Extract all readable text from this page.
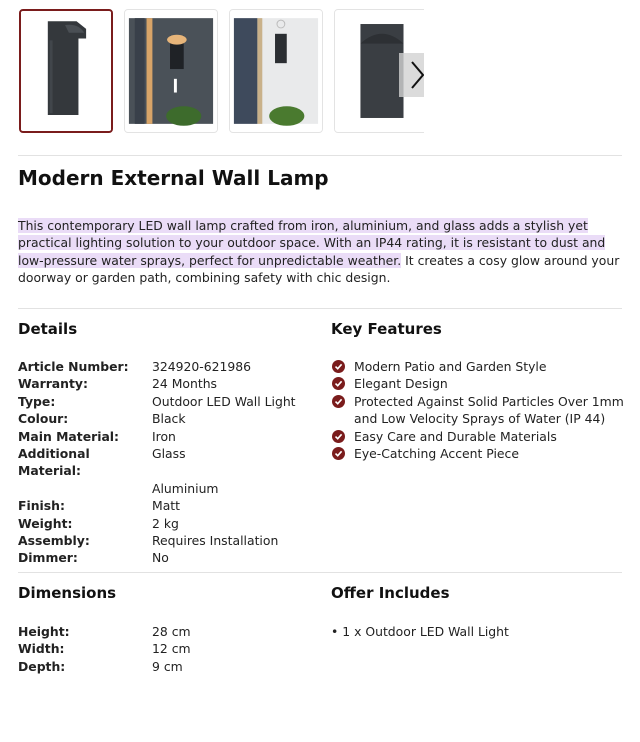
Modern External Wall Lamp

This contemporary LED wall lamp crafted from iron, aluminium, and glass adds a stylish yet practical lighting solution to your outdoor space. With an IP44 rating, it is resistant to dust and low-pressure water sprays, perfect for unpredictable weather. It creates a cosy glow around your doorway or garden path, combining safety with chic design.

Details
Article Number:	324920-621986
Warranty:	24 Months
Type:	Outdoor LED Wall Light
Colour:	Black
Main Material:	Iron
Additional Material:
Glass
Aluminium
Finish:	Matt
Weight:	2 kg
Assembly:	Requires Installation
Dimmer:	No
Key Features
Modern Patio and Garden Style
Elegant Design
Protected Against Solid Particles Over 1mm and Low Velocity Sprays of Water (IP 44)
Easy Care and Durable Materials
Eye-Catching Accent Piece
Dimensions
Height:	28 cm
Width:	12 cm
Depth:	9 cm
Offer Includes
• 1 x Outdoor LED Wall Light
